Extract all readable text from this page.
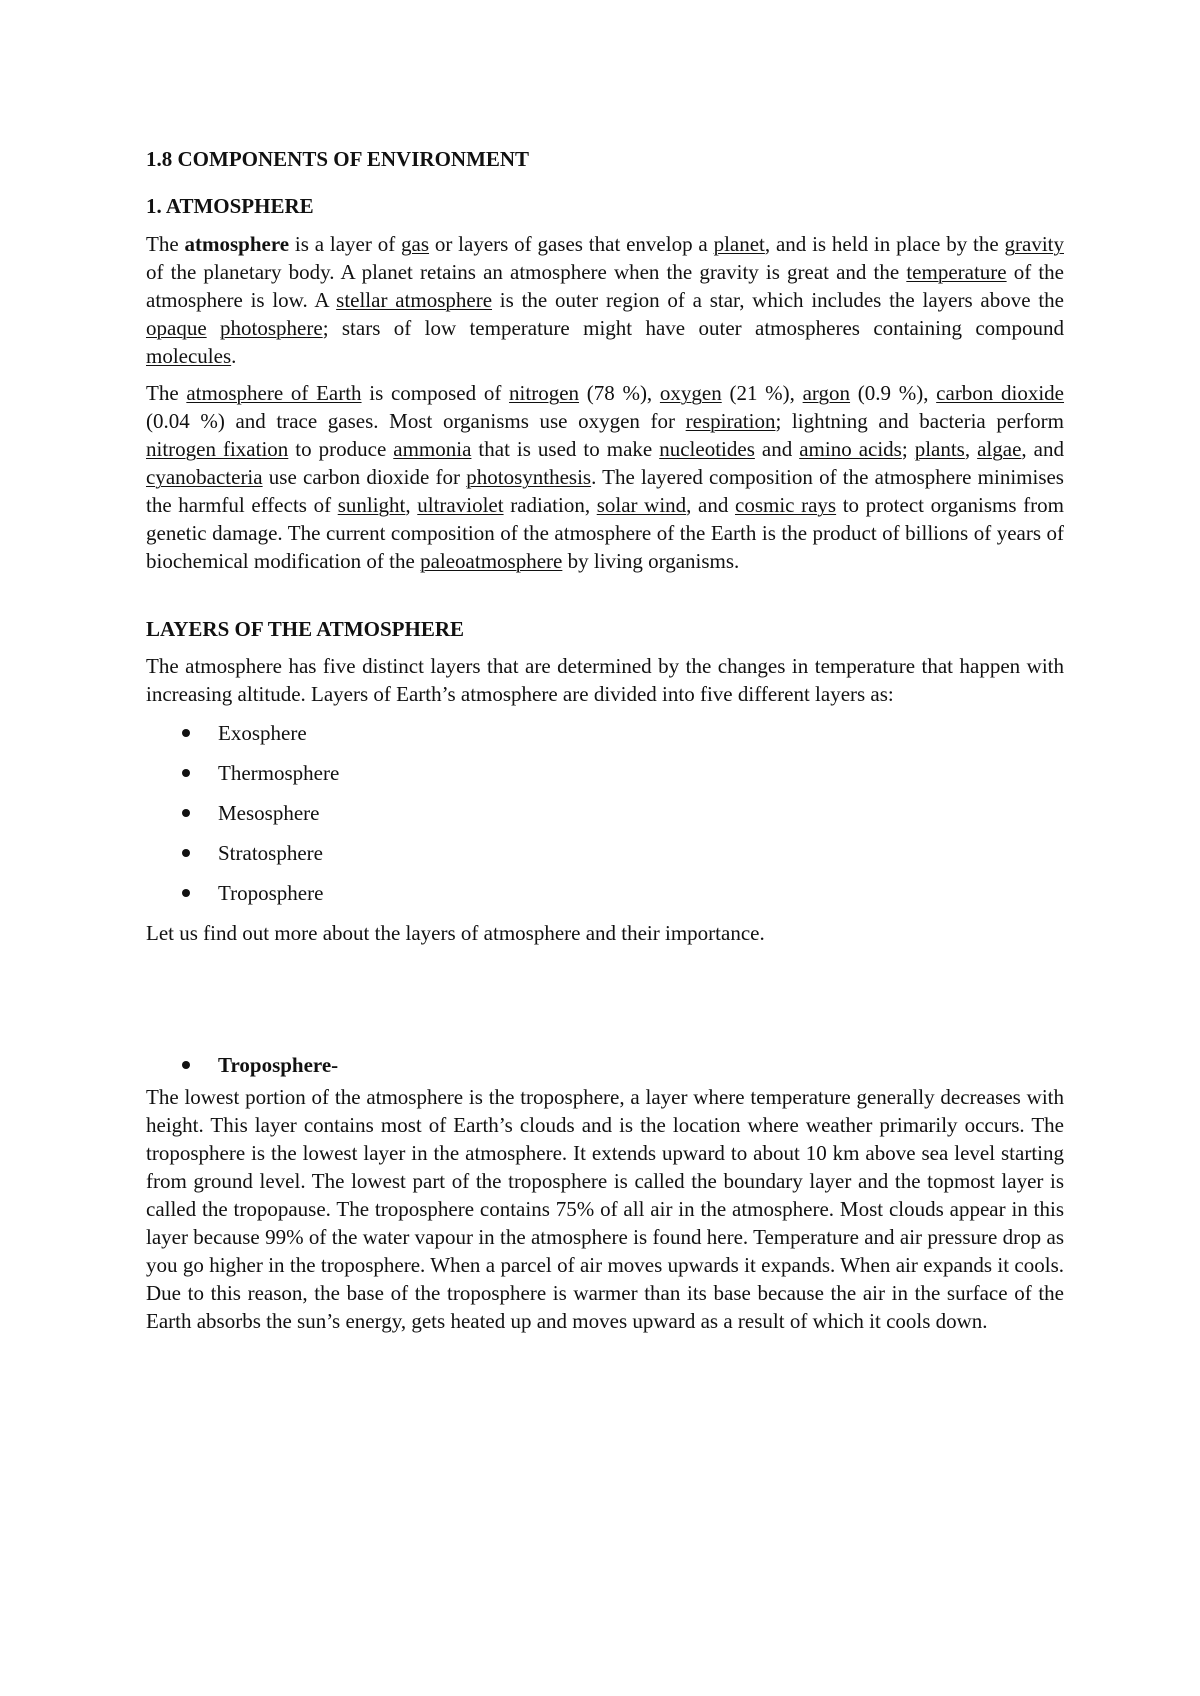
1.8 COMPONENTS OF ENVIRONMENT
1. ATMOSPHERE

The atmosphere is a layer of gas or layers of gases that envelop a planet, and is held in place by the gravity of the planetary body. A planet retains an atmosphere when the gravity is great and the temperature of the atmosphere is low. A stellar atmosphere is the outer region of a star, which includes the layers above the opaque photosphere; stars of low temperature might have outer atmospheres containing compound molecules.

The atmosphere of Earth is composed of nitrogen (78 %), oxygen (21 %), argon (0.9 %), carbon dioxide (0.04 %) and trace gases. Most organisms use oxygen for respiration; lightning and bacteria perform nitrogen fixation to produce ammonia that is used to make nucleotides and amino acids; plants, algae, and cyanobacteria use carbon dioxide for photosynthesis. The layered composition of the atmosphere minimises the harmful effects of sunlight, ultraviolet radiation, solar wind, and cosmic rays to protect organisms from genetic damage. The current composition of the atmosphere of the Earth is the product of billions of years of biochemical modification of the paleoatmosphere by living organisms.

LAYERS OF THE ATMOSPHERE

The atmosphere has five distinct layers that are determined by the changes in temperature that happen with increasing altitude. Layers of Earth’s atmosphere are divided into five different layers as:

Exosphere
Thermosphere
Mesosphere
Stratosphere
Troposphere

Let us find out more about the layers of atmosphere and their importance.

Troposphere-

The lowest portion of the atmosphere is the troposphere, a layer where temperature generally decreases with height. This layer contains most of Earth’s clouds and is the location where weather primarily occurs. The troposphere is the lowest layer in the atmosphere. It extends upward to about 10 km above sea level starting from ground level. The lowest part of the troposphere is called the boundary layer and the topmost layer is called the tropopause. The troposphere contains 75% of all air in the atmosphere. Most clouds appear in this layer because 99% of the water vapour in the atmosphere is found here. Temperature and air pressure drop as you go higher in the troposphere. When a parcel of air moves upwards it expands. When air expands it cools. Due to this reason, the base of the troposphere is warmer than its base because the air in the surface of the Earth absorbs the sun’s energy, gets heated up and moves upward as a result of which it cools down.
